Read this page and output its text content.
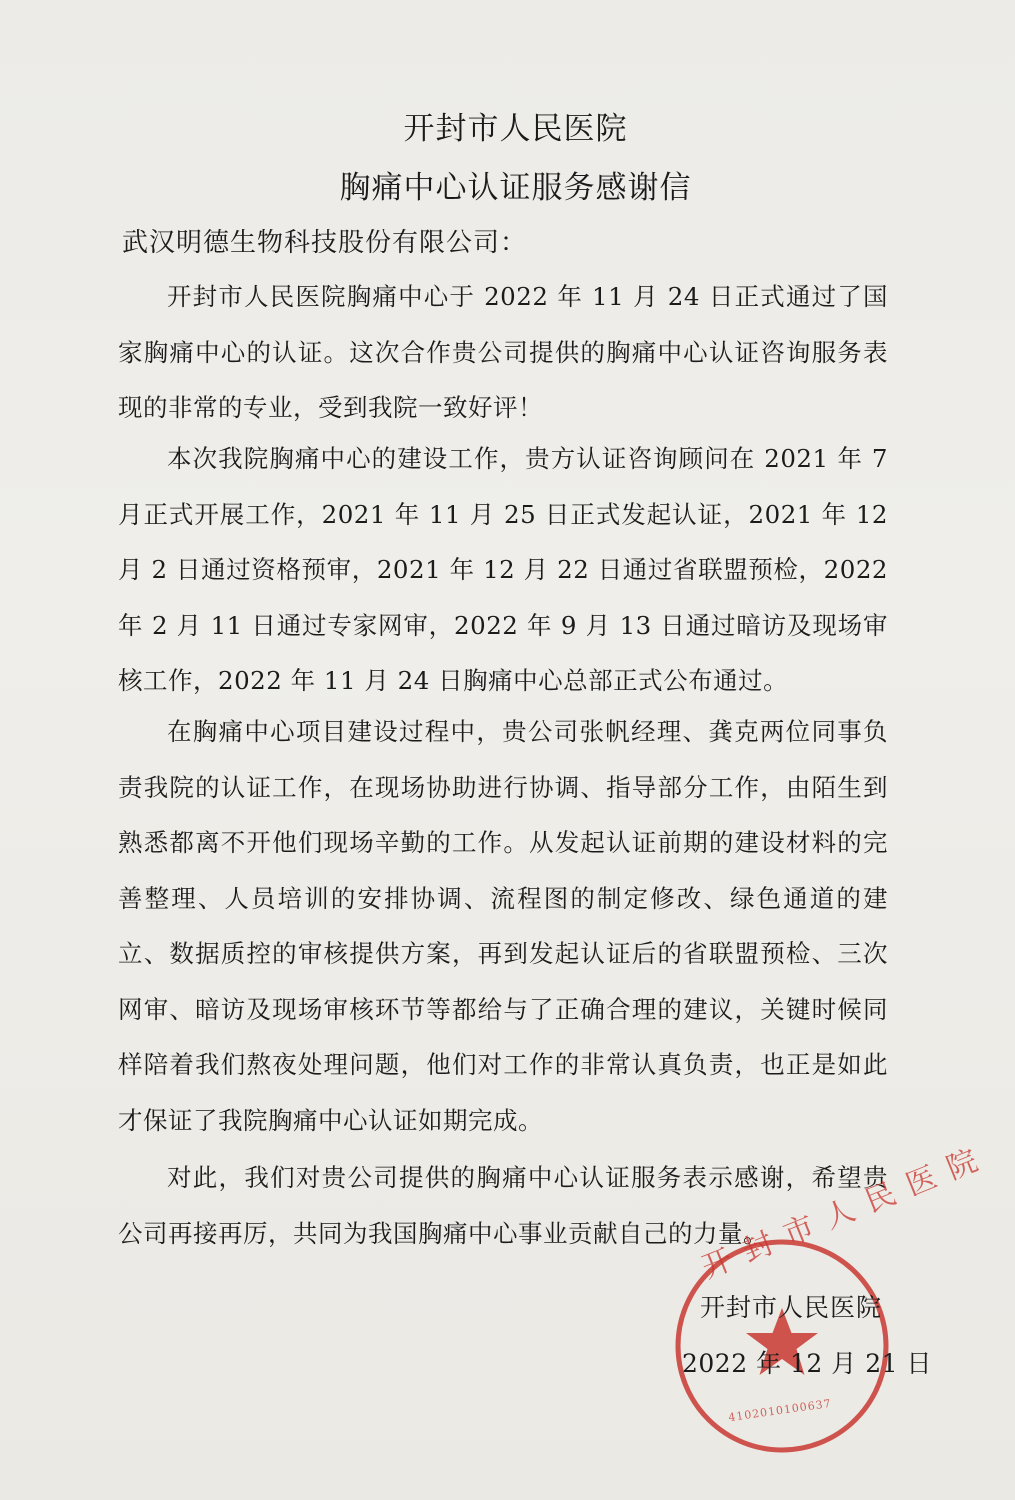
开封市人民医院
胸痛中心认证服务感谢信
武汉明德生物科技股份有限公司：
开封市人民医院胸痛中心于 2022 年 11 月 24 日正式通过了国家胸痛中心的认证。这次合作贵公司提供的胸痛中心认证咨询服务表现的非常的专业，受到我院一致好评！
本次我院胸痛中心的建设工作，贵方认证咨询顾问在 2021 年 7 月正式开展工作，2021 年 11 月 25 日正式发起认证，2021 年 12 月 2 日通过资格预审，2021 年 12 月 22 日通过省联盟预检，2022 年 2 月 11 日通过专家网审，2022 年 9 月 13 日通过暗访及现场审核工作，2022 年 11 月 24 日胸痛中心总部正式公布通过。
在胸痛中心项目建设过程中，贵公司张帆经理、龚克两位同事负责我院的认证工作，在现场协助进行协调、指导部分工作，由陌生到熟悉都离不开他们现场辛勤的工作。从发起认证前期的建设材料的完善整理、人员培训的安排协调、流程图的制定修改、绿色通道的建立、数据质控的审核提供方案，再到发起认证后的省联盟预检、三次网审、暗访及现场审核环节等都给与了正确合理的建议，关键时候同样陪着我们熬夜处理问题，他们对工作的非常认真负责，也正是如此才保证了我院胸痛中心认证如期完成。
对此，我们对贵公司提供的胸痛中心认证服务表示感谢，希望贵公司再接再厉，共同为我国胸痛中心事业贡献自己的力量。
开封市人民医院
4102010100637
开封市人民医院
2022 年 12 月 21 日
